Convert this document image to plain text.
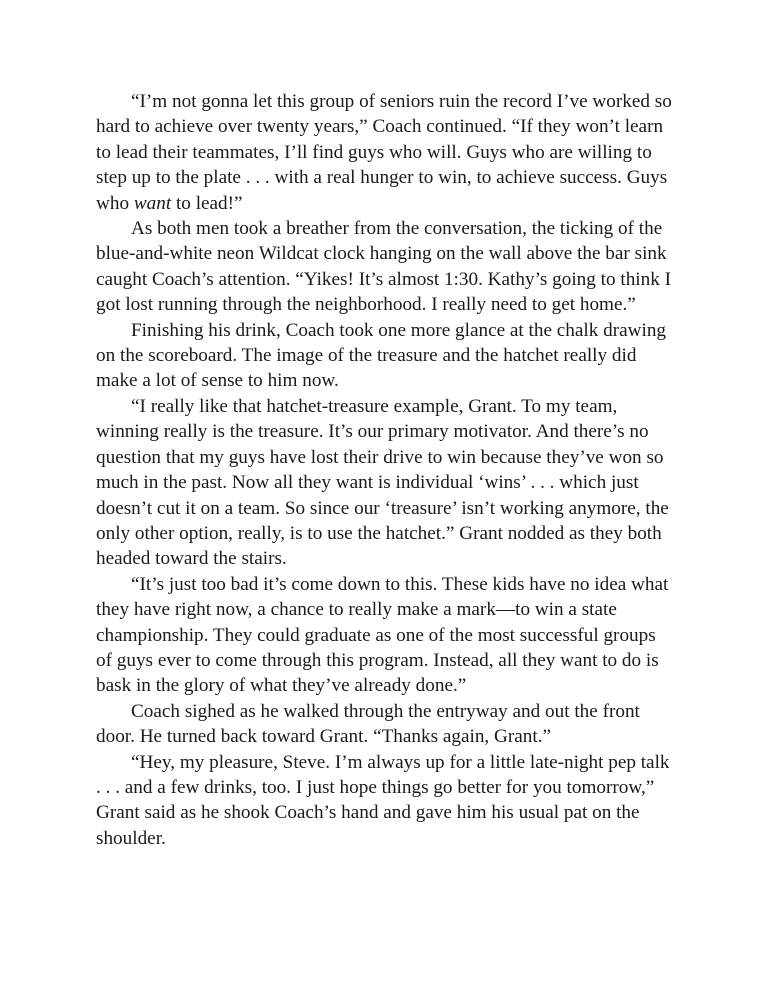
“I’m not gonna let this group of seniors ruin the record I’ve worked so hard to achieve over twenty years,” Coach continued. “If they won’t learn to lead their teammates, I’ll find guys who will. Guys who are willing to step up to the plate . . . with a real hunger to win, to achieve success. Guys who want to lead!”

As both men took a breather from the conversation, the ticking of the blue-and-white neon Wildcat clock hanging on the wall above the bar sink caught Coach’s attention. “Yikes! It’s almost 1:30. Kathy’s going to think I got lost running through the neighborhood. I really need to get home.”

Finishing his drink, Coach took one more glance at the chalk drawing on the scoreboard. The image of the treasure and the hatchet really did make a lot of sense to him now.

“I really like that hatchet-treasure example, Grant. To my team, winning really is the treasure. It’s our primary motivator. And there’s no question that my guys have lost their drive to win because they’ve won so much in the past. Now all they want is individual ‘wins’ . . . which just doesn’t cut it on a team. So since our ‘treasure’ isn’t working anymore, the only other option, really, is to use the hatchet.” Grant nodded as they both headed toward the stairs.

“It’s just too bad it’s come down to this. These kids have no idea what they have right now, a chance to really make a mark—to win a state championship. They could graduate as one of the most successful groups of guys ever to come through this program. Instead, all they want to do is bask in the glory of what they’ve already done.”

Coach sighed as he walked through the entryway and out the front door. He turned back toward Grant. “Thanks again, Grant.”

“Hey, my pleasure, Steve. I’m always up for a little late-night pep talk . . . and a few drinks, too. I just hope things go better for you tomorrow,” Grant said as he shook Coach’s hand and gave him his usual pat on the shoulder.
